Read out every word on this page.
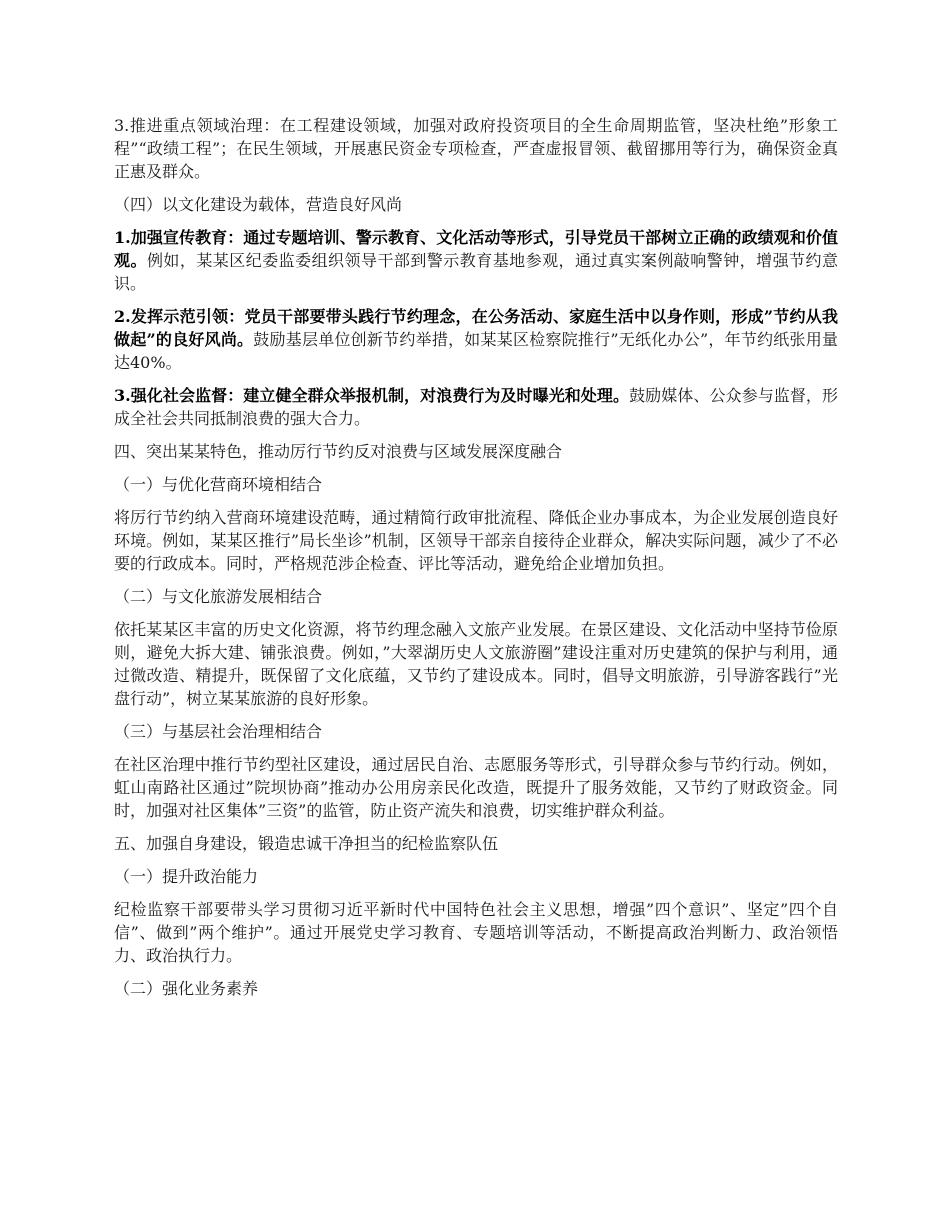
3.推进重点领域治理：在工程建设领域，加强对政府投资项目的全生命周期监管，坚决杜绝”形象工程”“政绩工程”；在民生领域，开展惠民资金专项检查，严查虚报冒领、截留挪用等行为，确保资金真正惠及群众。

（四）以文化建设为载体，营造良好风尚

1.加强宣传教育：通过专题培训、警示教育、文化活动等形式，引导党员干部树立正确的政绩观和价值观。例如，某某区纪委监委组织领导干部到警示教育基地参观，通过真实案例敲响警钟，增强节约意识。

2.发挥示范引领：党员干部要带头践行节约理念，在公务活动、家庭生活中以身作则，形成”节约从我做起”的良好风尚。鼓励基层单位创新节约举措，如某某区检察院推行”无纸化办公”，年节约纸张用量达40%。

3.强化社会监督：建立健全群众举报机制，对浪费行为及时曝光和处理。鼓励媒体、公众参与监督，形成全社会共同抵制浪费的强大合力。

四、突出某某特色，推动厉行节约反对浪费与区域发展深度融合

（一）与优化营商环境相结合

将厉行节约纳入营商环境建设范畴，通过精简行政审批流程、降低企业办事成本，为企业发展创造良好环境。例如，某某区推行”局长坐诊”机制，区领导干部亲自接待企业群众，解决实际问题，减少了不必要的行政成本。同时，严格规范涉企检查、评比等活动，避免给企业增加负担。

（二）与文化旅游发展相结合

依托某某区丰富的历史文化资源，将节约理念融入文旅产业发展。在景区建设、文化活动中坚持节俭原则，避免大拆大建、铺张浪费。例如，”大翠湖历史人文旅游圈”建设注重对历史建筑的保护与利用，通过微改造、精提升，既保留了文化底蕴，又节约了建设成本。同时，倡导文明旅游，引导游客践行”光盘行动”，树立某某旅游的良好形象。

（三）与基层社会治理相结合

在社区治理中推行节约型社区建设，通过居民自治、志愿服务等形式，引导群众参与节约行动。例如，虹山南路社区通过”院坝协商”推动办公用房亲民化改造，既提升了服务效能，又节约了财政资金。同时，加强对社区集体”三资”的监管，防止资产流失和浪费，切实维护群众利益。

五、加强自身建设，锻造忠诚干净担当的纪检监察队伍

（一）提升政治能力

纪检监察干部要带头学习贯彻习近平新时代中国特色社会主义思想，增强”四个意识”、坚定”四个自信”、做到”两个维护”。通过开展党史学习教育、专题培训等活动，不断提高政治判断力、政治领悟力、政治执行力。

（二）强化业务素养
